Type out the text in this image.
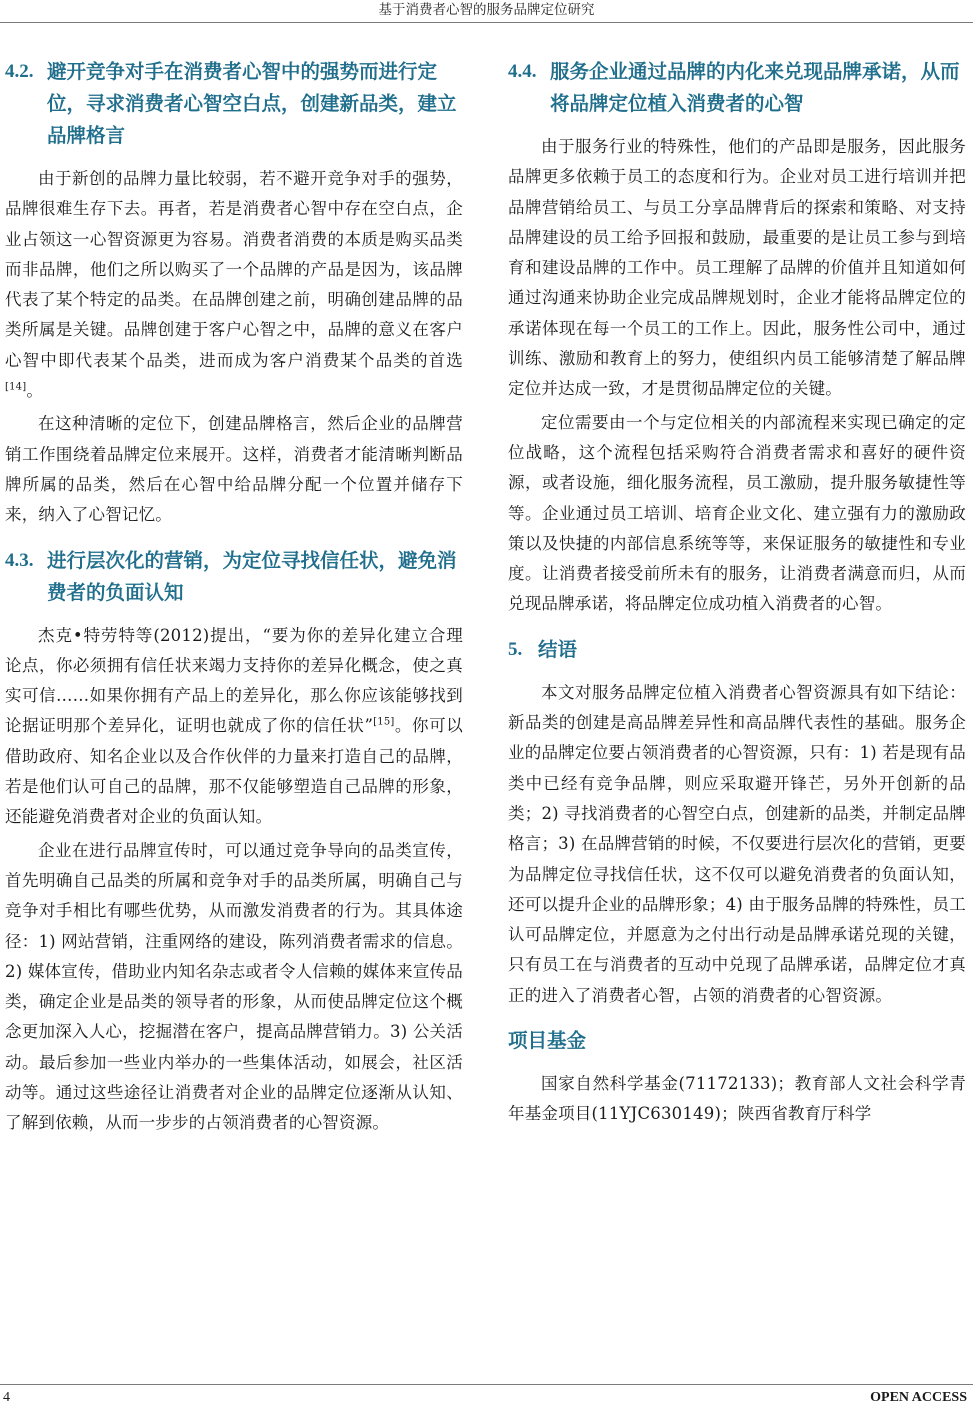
基于消费者心智的服务品牌定位研究
4.2. 避开竞争对手在消费者心智中的强势而进行定位，寻求消费者心智空白点，创建新品类，建立品牌格言

由于新创的品牌力量比较弱，若不避开竞争对手的强势，品牌很难生存下去。再者，若是消费者心智中存在空白点，企业占领这一心智资源更为容易。消费者消费的本质是购买品类而非品牌，他们之所以购买了一个品牌的产品是因为，该品牌代表了某个特定的品类。在品牌创建之前，明确创建品牌的品类所属是关键。品牌创建于客户心智之中，品牌的意义在客户心智中即代表某个品类，进而成为客户消费某个品类的首选[14]。

在这种清晰的定位下，创建品牌格言，然后企业的品牌营销工作围绕着品牌定位来展开。这样，消费者才能清晰判断品牌所属的品类，然后在心智中给品牌分配一个位置并储存下来，纳入了心智记忆。

4.3. 进行层次化的营销，为定位寻找信任状，避免消费者的负面认知

杰克•特劳特等(2012)提出，“要为你的差异化建立合理论点，你必须拥有信任状来竭力支持你的差异化概念，使之真实可信……如果你拥有产品上的差异化，那么你应该能够找到论据证明那个差异化，证明也就成了你的信任状”[15]。你可以借助政府、知名企业以及合作伙伴的力量来打造自己的品牌，若是他们认可自己的品牌，那不仅能够塑造自己品牌的形象，还能避免消费者对企业的负面认知。

企业在进行品牌宣传时，可以通过竞争导向的品类宣传，首先明确自己品类的所属和竞争对手的品类所属，明确自己与竞争对手相比有哪些优势，从而激发消费者的行为。其具体途径：1) 网站营销，注重网络的建设，陈列消费者需求的信息。2) 媒体宣传，借助业内知名杂志或者令人信赖的媒体来宣传品类，确定企业是品类的领导者的形象，从而使品牌定位这个概念更加深入人心，挖掘潜在客户，提高品牌营销力。3) 公关活动。最后参加一些业内举办的一些集体活动，如展会，社区活动等。通过这些途径让消费者对企业的品牌定位逐渐从认知、了解到依赖，从而一步步的占领消费者的心智资源。

4.4. 服务企业通过品牌的内化来兑现品牌承诺，从而将品牌定位植入消费者的心智

由于服务行业的特殊性，他们的产品即是服务，因此服务品牌更多依赖于员工的态度和行为。企业对员工进行培训并把品牌营销给员工、与员工分享品牌背后的探索和策略、对支持品牌建设的员工给予回报和鼓励，最重要的是让员工参与到培育和建设品牌的工作中。员工理解了品牌的价值并且知道如何通过沟通来协助企业完成品牌规划时，企业才能将品牌定位的承诺体现在每一个员工的工作上。因此，服务性公司中，通过训练、激励和教育上的努力，使组织内员工能够清楚了解品牌定位并达成一致，才是贯彻品牌定位的关键。

定位需要由一个与定位相关的内部流程来实现已确定的定位战略，这个流程包括采购符合消费者需求和喜好的硬件资源，或者设施，细化服务流程，员工激励，提升服务敏捷性等等。企业通过员工培训、培育企业文化、建立强有力的激励政策以及快捷的内部信息系统等等，来保证服务的敏捷性和专业度。让消费者接受前所未有的服务，让消费者满意而归，从而兑现品牌承诺，将品牌定位成功植入消费者的心智。

5. 结语

本文对服务品牌定位植入消费者心智资源具有如下结论：新品类的创建是高品牌差异性和高品牌代表性的基础。服务企业的品牌定位要占领消费者的心智资源，只有：1) 若是现有品类中已经有竞争品牌，则应采取避开锋芒，另外开创新的品类；2) 寻找消费者的心智空白点，创建新的品类，并制定品牌格言；3) 在品牌营销的时候，不仅要进行层次化的营销，更要为品牌定位寻找信任状，这不仅可以避免消费者的负面认知，还可以提升企业的品牌形象；4) 由于服务品牌的特殊性，员工认可品牌定位，并愿意为之付出行动是品牌承诺兑现的关键，只有员工在与消费者的互动中兑现了品牌承诺，品牌定位才真正的进入了消费者心智，占领的消费者的心智资源。

项目基金

国家自然科学基金(71172133)；教育部人文社会科学青年基金项目(11YJC630149)；陕西省教育厅科学

4	OPEN ACCESS
